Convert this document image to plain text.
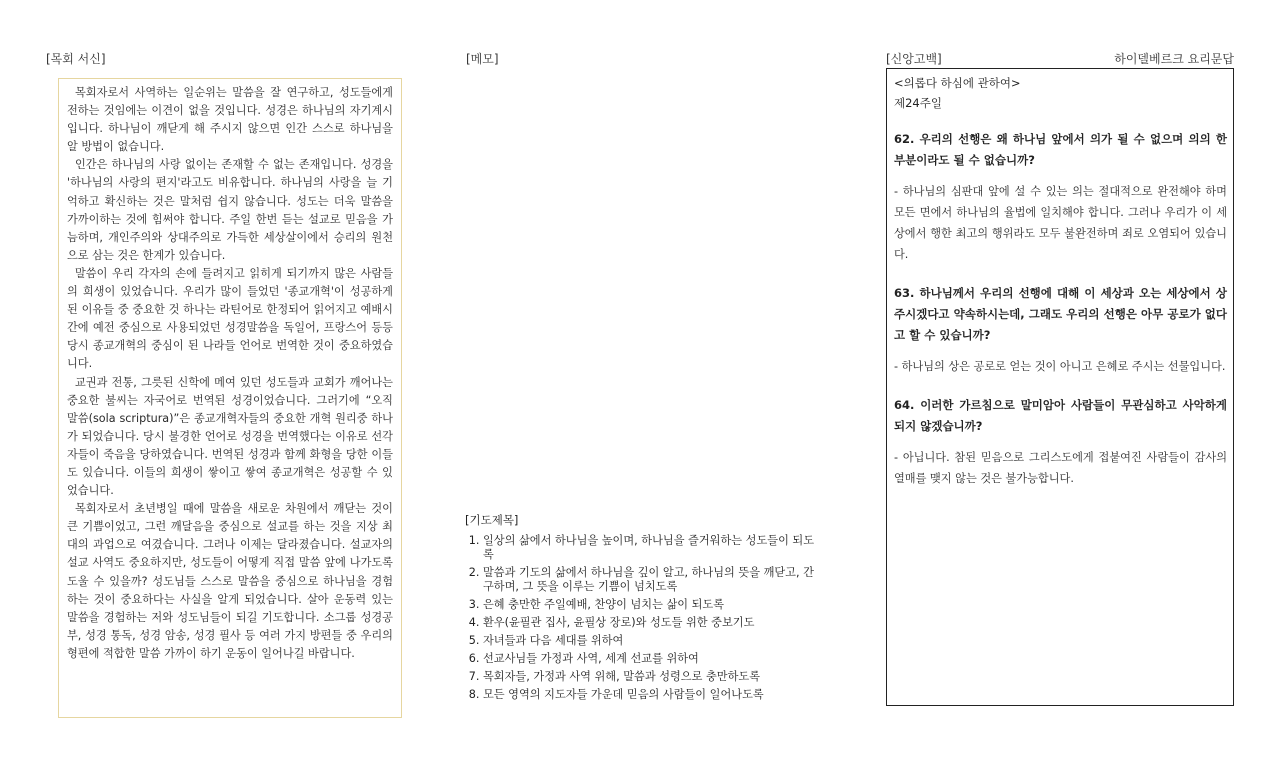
[목회 서신]	[메모]	[신앙고백]	하이델베르크 요리문답

목회자로서 사역하는 일순위는 말씀을 잘 연구하고, 성도들에게 전하는 것임에는 이견이 없을 것입니다. 성경은 하나님의 자기계시입니다. 하나님이 깨닫게 해 주시지 않으면 인간 스스로 하나님을 알 방법이 없습니다.

인간은 하나님의 사랑 없이는 존재할 수 없는 존재입니다. 성경을 '하나님의 사랑의 편지'라고도 비유합니다. 하나님의 사랑을 늘 기억하고 확신하는 것은 말처럼 쉽지 않습니다. 성도는 더욱 말씀을 가까이하는 것에 힘써야 합니다. 주일 한번 듣는 설교로 믿음을 가늠하며, 개인주의와 상대주의로 가득한 세상살이에서 승리의 원천으로 삼는 것은 한계가 있습니다.

말씀이 우리 각자의 손에 들려지고 읽히게 되기까지 많은 사람들의 희생이 있었습니다. 우리가 많이 들었던 '종교개혁'이 성공하게 된 이유들 중 중요한 것 하나는 라틴어로 한정되어 읽어지고 예배시간에 예전 중심으로 사용되었던 성경말씀을 독일어, 프랑스어 등등 당시 종교개혁의 중심이 된 나라들 언어로 번역한 것이 중요하였습니다.

교권과 전통, 그릇된 신학에 메여 있던 성도들과 교회가 깨어나는 중요한 불씨는 자국어로 번역된 성경이었습니다. 그러기에 “오직 말씀(sola scriptura)”은 종교개혁자들의 중요한 개혁 원리중 하나가 되었습니다. 당시 불경한 언어로 성경을 번역했다는 이유로 선각자들이 죽음을 당하였습니다. 번역된 성경과 함께 화형을 당한 이들도 있습니다. 이들의 희생이 쌓이고 쌓여 종교개혁은 성공할 수 있었습니다.

목회자로서 초년병일 때에 말씀을 새로운 차원에서 깨닫는 것이 큰 기쁨이었고, 그런 깨달음을 중심으로 설교를 하는 것을 지상 최대의 과업으로 여겼습니다. 그러나 이제는 달라졌습니다. 설교자의 설교 사역도 중요하지만, 성도들이 어떻게 직접 말씀 앞에 나가도록 도울 수 있을까? 성도님들 스스로 말씀을 중심으로 하나님을 경험하는 것이 중요하다는 사실을 알게 되었습니다. 살아 운동력 있는 말씀을 경험하는 저와 성도님들이 되길 기도합니다. 소그룹 성경공부, 성경 통독, 성경 암송, 성경 필사 등 여러 가지 방편들 중 우리의 형편에 적합한 말씀 가까이 하기 운동이 일어나길 바랍니다.

[기도제목]
1. 일상의 삶에서 하나님을 높이며, 하나님을 즐거워하는 성도들이 되도록
2. 말씀과 기도의 삶에서 하나님을 깊이 알고, 하나님의 뜻을 깨닫고, 간구하며, 그 뜻을 이루는 기쁨이 넘치도록
3. 은혜 충만한 주일예배, 찬양이 넘치는 삶이 되도록
4. 환우(윤필관 집사, 윤필상 장로)와 성도들 위한 중보기도
5. 자녀들과 다음 세대를 위하여
6. 선교사님들 가정과 사역, 세계 선교를 위하여
7. 목회자들, 가정과 사역 위해, 말씀과 성령으로 충만하도록
8. 모든 영역의 지도자들 가운데 믿음의 사람들이 일어나도록
<의롭다 하심에 관하여>
제24주일
62. 우리의 선행은 왜 하나님 앞에서 의가 될 수 없으며 의의 한 부분이라도 될 수 없습니까?
- 하나님의 심판대 앞에 설 수 있는 의는 절대적으로 완전해야 하며 모든 면에서 하나님의 율법에 일치해야 합니다. 그러나 우리가 이 세상에서 행한 최고의 행위라도 모두 불완전하며 죄로 오염되어 있습니다.
63. 하나님께서 우리의 선행에 대해 이 세상과 오는 세상에서 상 주시겠다고 약속하시는데, 그래도 우리의 선행은 아무 공로가 없다고 할 수 있습니까?
- 하나님의 상은 공로로 얻는 것이 아니고 은혜로 주시는 선물입니다.
64. 이러한 가르침으로 말미암아 사람들이 무관심하고 사악하게 되지 않겠습니까?
- 아닙니다. 참된 믿음으로 그리스도에게 접붙여진 사람들이 감사의 열매를 맺지 않는 것은 불가능합니다.
